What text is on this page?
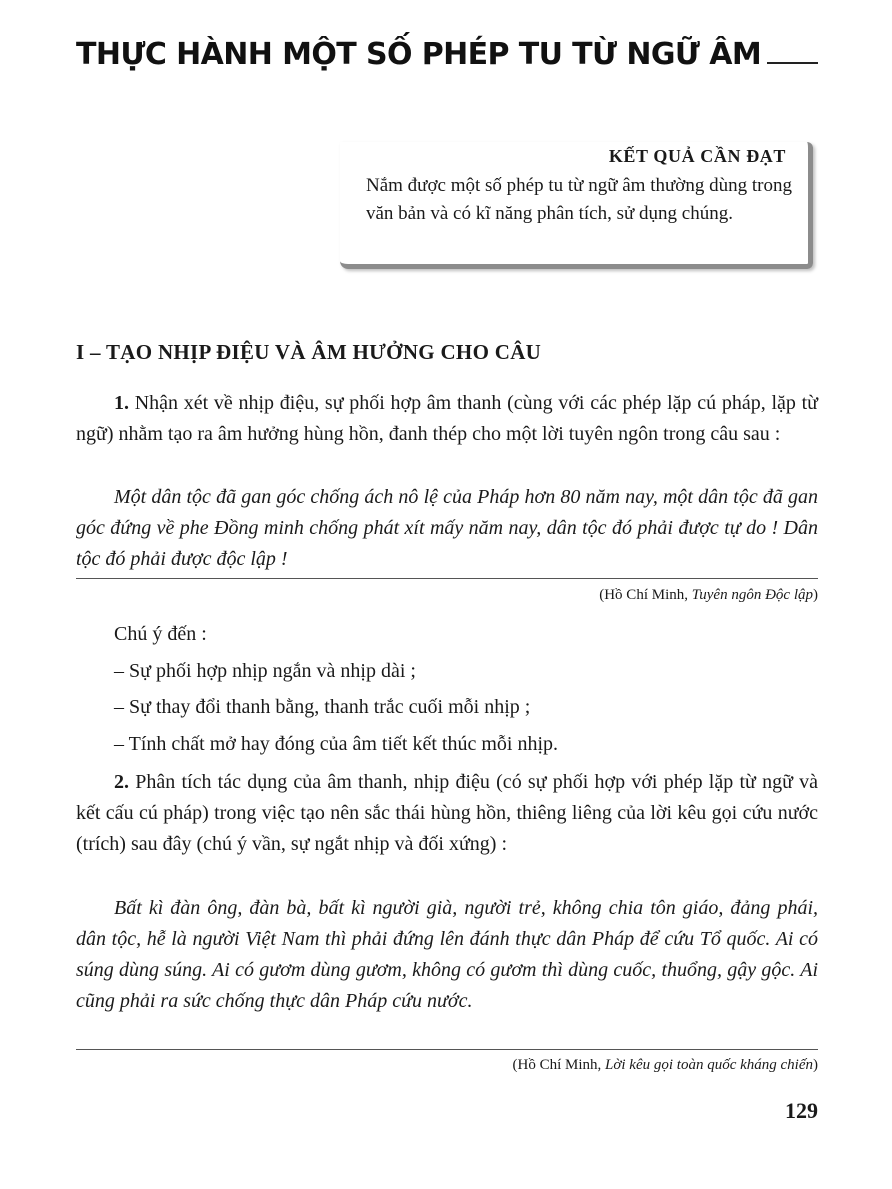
THỰC HÀNH MỘT SỐ PHÉP TU TỪ NGỮ ÂM
KẾT QUẢ CẦN ĐẠT
Nắm được một số phép tu từ ngữ âm thường dùng trong văn bản và có kĩ năng phân tích, sử dụng chúng.
I – TẠO NHỊP ĐIỆU VÀ ÂM HƯỞNG CHO CÂU

1. Nhận xét về nhịp điệu, sự phối hợp âm thanh (cùng với các phép lặp cú pháp, lặp từ ngữ) nhằm tạo ra âm hưởng hùng hồn, đanh thép cho một lời tuyên ngôn trong câu sau :

Một dân tộc đã gan góc chống ách nô lệ của Pháp hơn 80 năm nay, một dân tộc đã gan góc đứng về phe Đồng minh chống phát xít mấy năm nay, dân tộc đó phải được tự do ! Dân tộc đó phải được độc lập !

(Hồ Chí Minh, Tuyên ngôn Độc lập)

Chú ý đến :

– Sự phối hợp nhịp ngắn và nhịp dài ;

– Sự thay đổi thanh bằng, thanh trắc cuối mỗi nhịp ;

– Tính chất mở hay đóng của âm tiết kết thúc mỗi nhịp.

2. Phân tích tác dụng của âm thanh, nhịp điệu (có sự phối hợp với phép lặp từ ngữ và kết cấu cú pháp) trong việc tạo nên sắc thái hùng hồn, thiêng liêng của lời kêu gọi cứu nước (trích) sau đây (chú ý vần, sự ngắt nhịp và đối xứng) :

Bất kì đàn ông, đàn bà, bất kì người già, người trẻ, không chia tôn giáo, đảng phái, dân tộc, hễ là người Việt Nam thì phải đứng lên đánh thực dân Pháp để cứu Tổ quốc. Ai có súng dùng súng. Ai có gươm dùng gươm, không có gươm thì dùng cuốc, thuổng, gậy gộc. Ai cũng phải ra sức chống thực dân Pháp cứu nước.

(Hồ Chí Minh, Lời kêu gọi toàn quốc kháng chiến)
129
